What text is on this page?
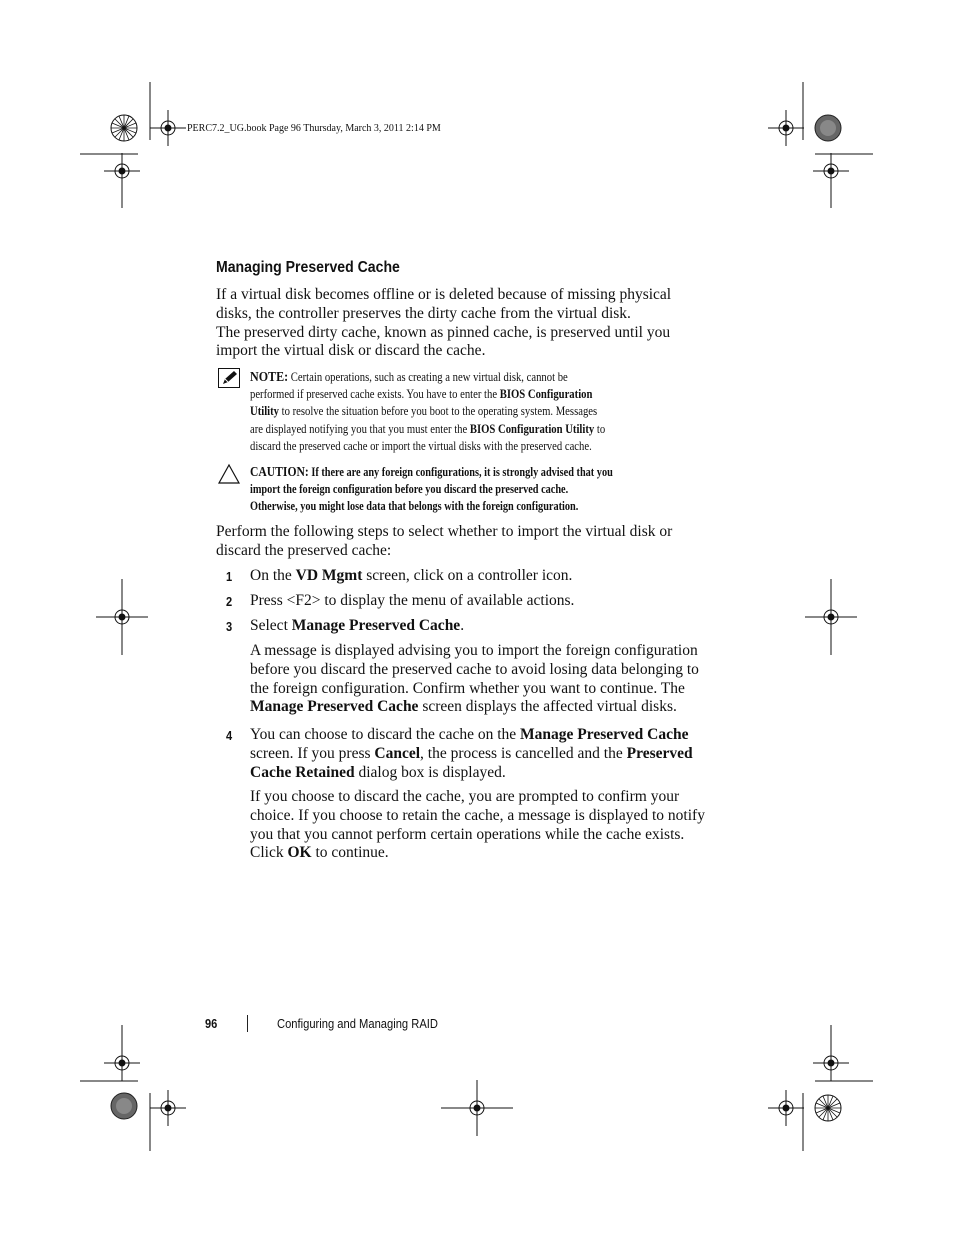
PERC7.2_UG.book Page 96 Thursday, March 3, 2011 2:14 PM
Managing Preserved Cache
If a virtual disk becomes offline or is deleted because of missing physical
disks, the controller preserves the dirty cache from the virtual disk.
The preserved dirty cache, known as pinned cache, is preserved until you
import the virtual disk or discard the cache.
NOTE: Certain operations, such as creating a new virtual disk, cannot be
performed if preserved cache exists. You have to enter the BIOS Configuration
Utility to resolve the situation before you boot to the operating system. Messages
are displayed notifying you that you must enter the BIOS Configuration Utility to
discard the preserved cache or import the virtual disks with the preserved cache.
CAUTION: If there are any foreign configurations, it is strongly advised that you
import the foreign configuration before you discard the preserved cache.
Otherwise, you might lose data that belongs with the foreign configuration.
Perform the following steps to select whether to import the virtual disk or
discard the preserved cache:
1 On the VD Mgmt screen, click on a controller icon.
2 Press <F2> to display the menu of available actions.
3 Select Manage Preserved Cache.
A message is displayed advising you to import the foreign configuration
before you discard the preserved cache to avoid losing data belonging to
the foreign configuration. Confirm whether you want to continue. The
Manage Preserved Cache screen displays the affected virtual disks.
4 You can choose to discard the cache on the Manage Preserved Cache
screen. If you press Cancel, the process is cancelled and the Preserved
Cache Retained dialog box is displayed.
If you choose to discard the cache, you are prompted to confirm your
choice. If you choose to retain the cache, a message is displayed to notify
you that you cannot perform certain operations while the cache exists.
Click OK to continue.
96	Configuring and Managing RAID
